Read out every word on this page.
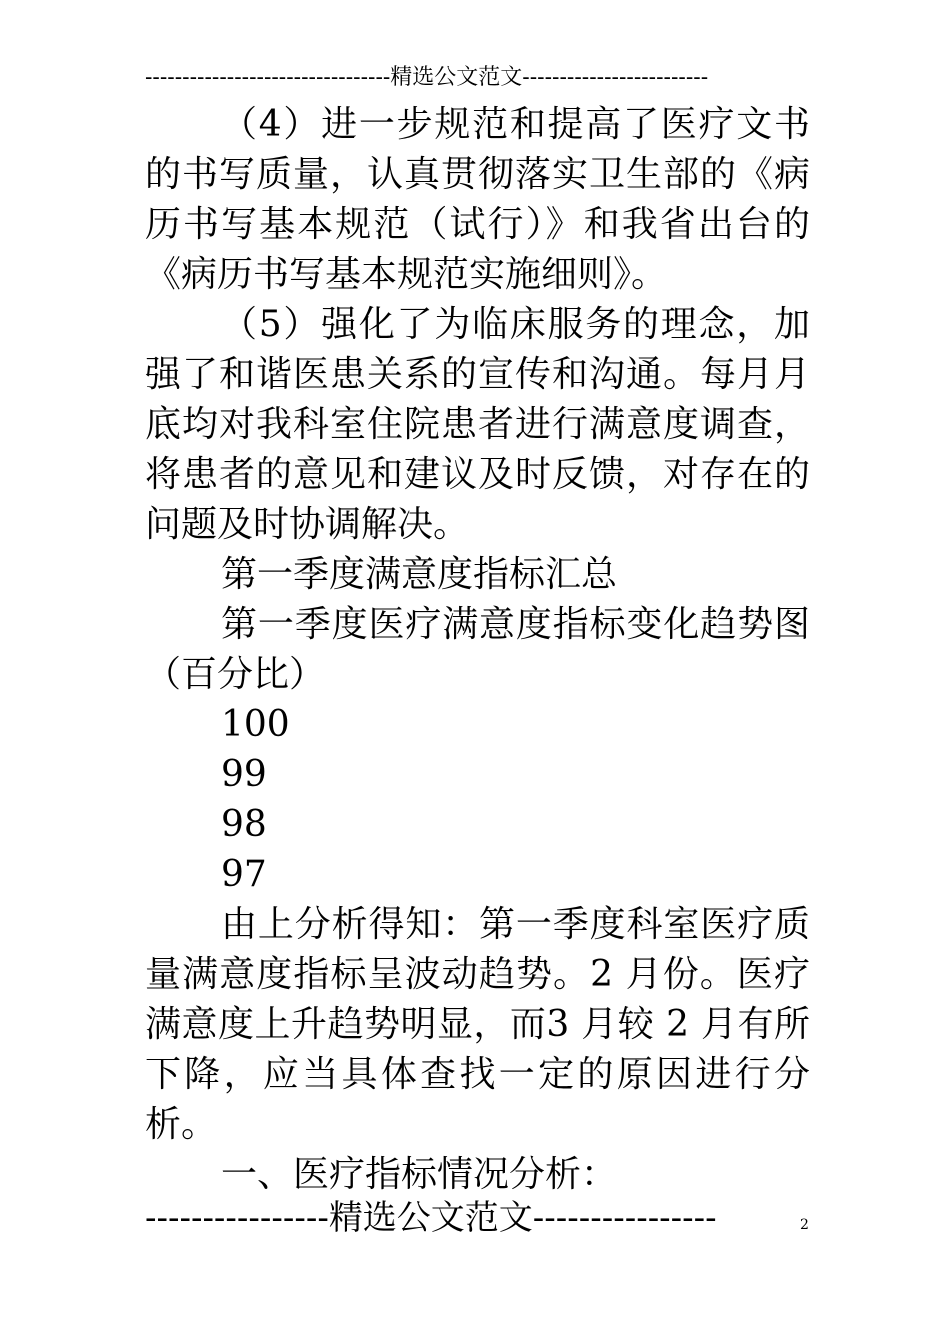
---------------------------------精选公文范文-------------------------

（4）进一步规范和提高了医疗文书的书写质量，认真贯彻落实卫生部的《病历书写基本规范（试行）》和我省出台的《病历书写基本规范实施细则》。

（5）强化了为临床服务的理念，加强了和谐医患关系的宣传和沟通。每月月底均对我科室住院患者进行满意度调查，将患者的意见和建议及时反馈，对存在的问题及时协调解决。

第一季度满意度指标汇总

第一季度医疗满意度指标变化趋势图（百分比）

100

99

98

97

由上分析得知：第一季度科室医疗质量满意度指标呈波动趋势。2 月份。医疗满意度上升趋势明显，而3 月较 2 月有所下降，应当具体查找一定的原因进行分析。

一、医疗指标情况分析：

----------------精选公文范文----------------	2
